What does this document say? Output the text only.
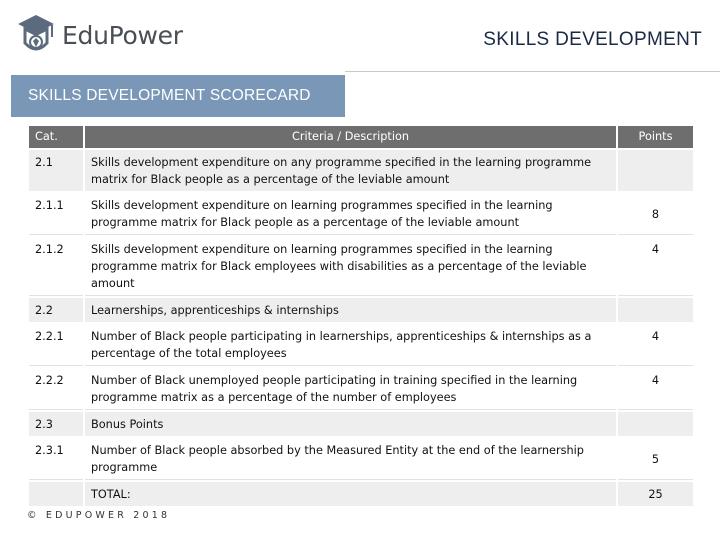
EduPower	SKILLS DEVELOPMENT
SKILLS DEVELOPMENT SCORECARD
Cat.	Criteria / Description	Points
2.1	Skills development expenditure on any programme specified in the learning programme matrix for Black people as a percentage of the leviable amount	
2.1.1	Skills development expenditure on learning programmes specified in the learning programme matrix for Black people as a percentage of the leviable amount	8
2.1.2	Skills development expenditure on learning programmes specified in the learning programme matrix for Black employees with disabilities as a percentage of the leviable amount	4
2.2	Learnerships, apprenticeships & internships	
2.2.1	Number of Black people participating in learnerships, apprenticeships & internships as a percentage of the total employees	4
2.2.2	Number of Black unemployed people participating in training specified in the learning programme matrix as a percentage of the number of employees	4
2.3	Bonus Points	
2.3.1	Number of Black people absorbed by the Measured Entity at the end of the learnership programme	5
	TOTAL:	25
© EDUPOWER 2018
